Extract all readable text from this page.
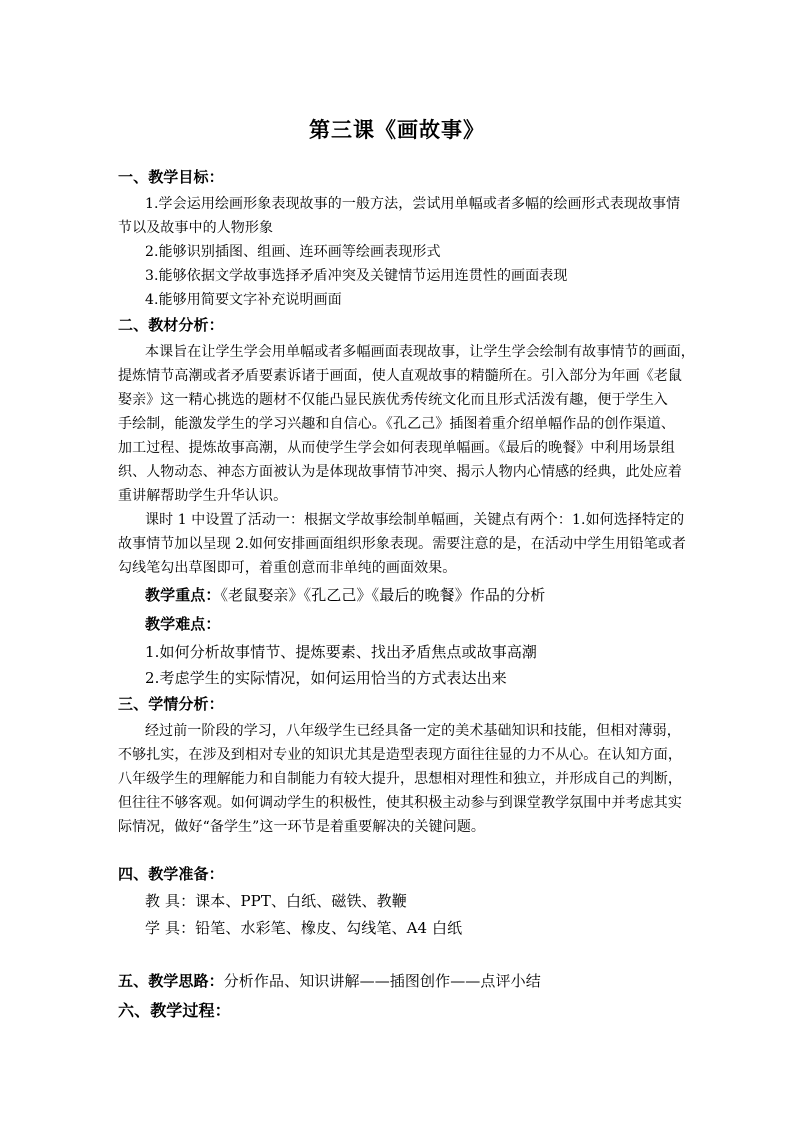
第三课《画故事》
一、教学目标：
1.学会运用绘画形象表现故事的一般方法，尝试用单幅或者多幅的绘画形式表现故事情
节以及故事中的人物形象
2.能够识别插图、组画、连环画等绘画表现形式
3.能够依据文学故事选择矛盾冲突及关键情节运用连贯性的画面表现
4.能够用简要文字补充说明画面
二、教材分析：
本课旨在让学生学会用单幅或者多幅画面表现故事，让学生学会绘制有故事情节的画面，
提炼情节高潮或者矛盾要素诉诸于画面，使人直观故事的精髓所在。引入部分为年画《老鼠
娶亲》这一精心挑选的题材不仅能凸显民族优秀传统文化而且形式活泼有趣，便于学生入
手绘制，能激发学生的学习兴趣和自信心。《孔乙己》插图着重介绍单幅作品的创作渠道、
加工过程、提炼故事高潮，从而使学生学会如何表现单幅画。《最后的晚餐》中利用场景组
织、人物动态、神态方面被认为是体现故事情节冲突、揭示人物内心情感的经典，此处应着
重讲解帮助学生升华认识。
课时 1 中设置了活动一：根据文学故事绘制单幅画，关键点有两个：1.如何选择特定的
故事情节加以呈现 2.如何安排画面组织形象表现。需要注意的是，在活动中学生用铅笔或者
勾线笔勾出草图即可，着重创意而非单纯的画面效果。
教学重点：《老鼠娶亲》《孔乙己》《最后的晚餐》作品的分析
教学难点：
1.如何分析故事情节、提炼要素、找出矛盾焦点或故事高潮
2.考虑学生的实际情况，如何运用恰当的方式表达出来
三、学情分析：
经过前一阶段的学习，八年级学生已经具备一定的美术基础知识和技能，但相对薄弱，
不够扎实，在涉及到相对专业的知识尤其是造型表现方面往往显的力不从心。在认知方面，
八年级学生的理解能力和自制能力有较大提升，思想相对理性和独立，并形成自己的判断，
但往往不够客观。如何调动学生的积极性，使其积极主动参与到课堂教学氛围中并考虑其实
际情况，做好“备学生”这一环节是着重要解决的关键问题。
四、教学准备：
教 具：课本、PPT、白纸、磁铁、教鞭
学 具：铅笔、水彩笔、橡皮、勾线笔、A4 白纸
五、教学思路：分析作品、知识讲解——插图创作——点评小结
六、教学过程：
